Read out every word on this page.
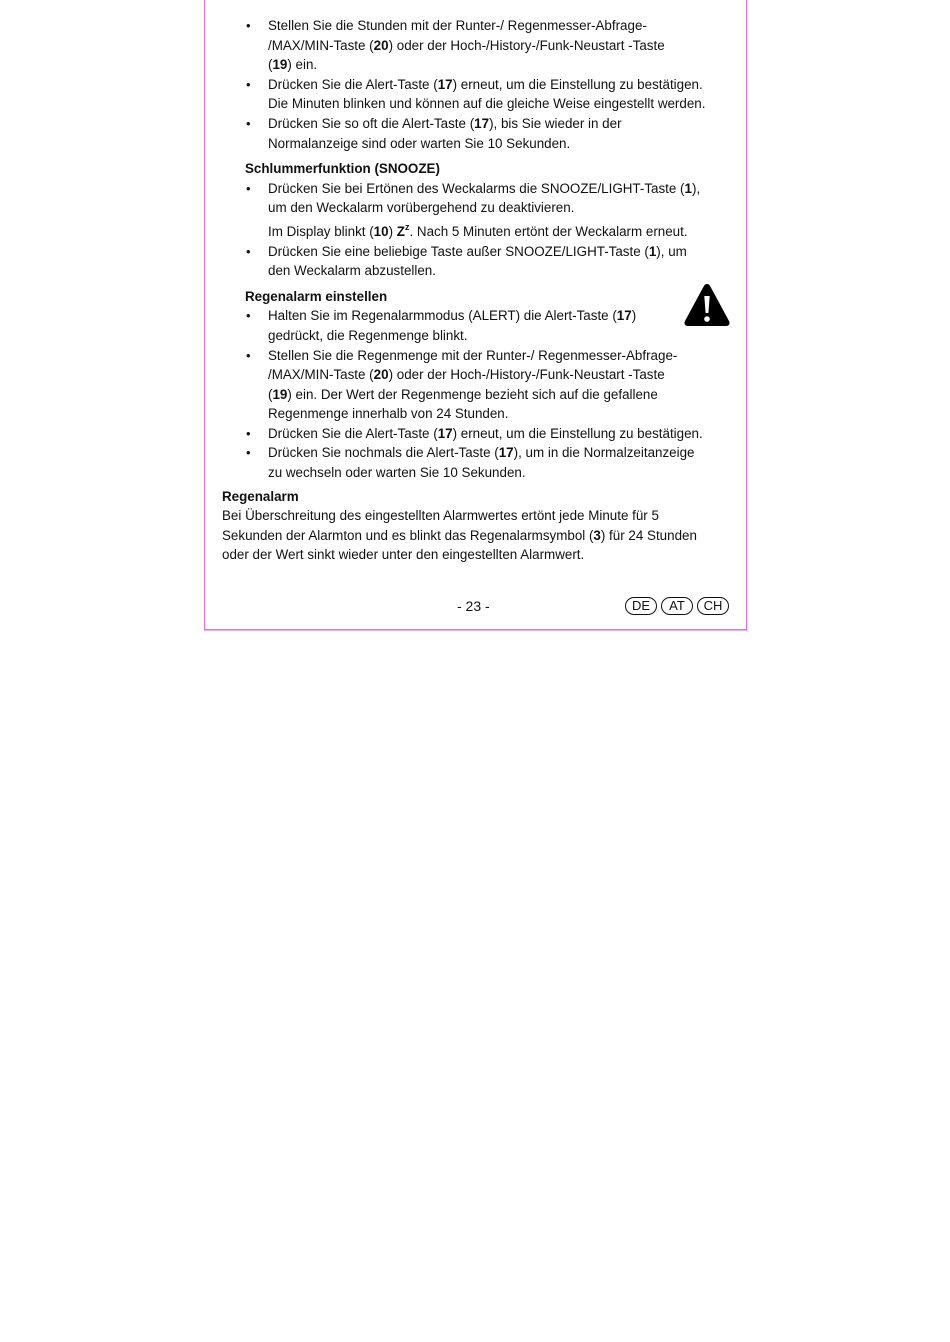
• Stellen Sie die Stunden mit der Runter-/ Regenmesser-Abfrage-
/MAX/MIN-Taste (20) oder der Hoch-/History-/Funk-Neustart -Taste
(19) ein.
• Drücken Sie die Alert-Taste (17) erneut, um die Einstellung zu bestätigen.
Die Minuten blinken und können auf die gleiche Weise eingestellt werden.
• Drücken Sie so oft die Alert-Taste (17), bis Sie wieder in der
Normalanzeige sind oder warten Sie 10 Sekunden.
Schlummerfunktion (SNOOZE)
• Drücken Sie bei Ertönen des Weckalarms die SNOOZE/LIGHT-Taste (1),
um den Weckalarm vorübergehend zu deaktivieren.
Im Display blinkt (10) $Z^z$. Nach 5 Minuten ertönt der Weckalarm erneut.
• Drücken Sie eine beliebige Taste außer SNOOZE/LIGHT-Taste (1), um
den Weckalarm abzustellen.
Regenalarm einstellen
• Halten Sie im Regenalarmmodus (ALERT) die Alert-Taste (17)
gedrückt, die Regenmenge blinkt.
• Stellen Sie die Regenmenge mit der Runter-/ Regenmesser-Abfrage-
/MAX/MIN-Taste (20) oder der Hoch-/History-/Funk-Neustart -Taste
(19) ein. Der Wert der Regenmenge bezieht sich auf die gefallene
Regenmenge innerhalb von 24 Stunden.
• Drücken Sie die Alert-Taste (17) erneut, um die Einstellung zu bestätigen.
• Drücken Sie nochmals die Alert-Taste (17), um in die Normalzeitanzeige
zu wechseln oder warten Sie 10 Sekunden.
Regenalarm
Bei Überschreitung des eingestellten Alarmwertes ertönt jede Minute für 5
Sekunden der Alarmton und es blinkt das Regenalarmsymbol (3) für 24 Stunden
oder der Wert sinkt wieder unter den eingestellten Alarmwert.
- 23 -	DE	AT	CH
